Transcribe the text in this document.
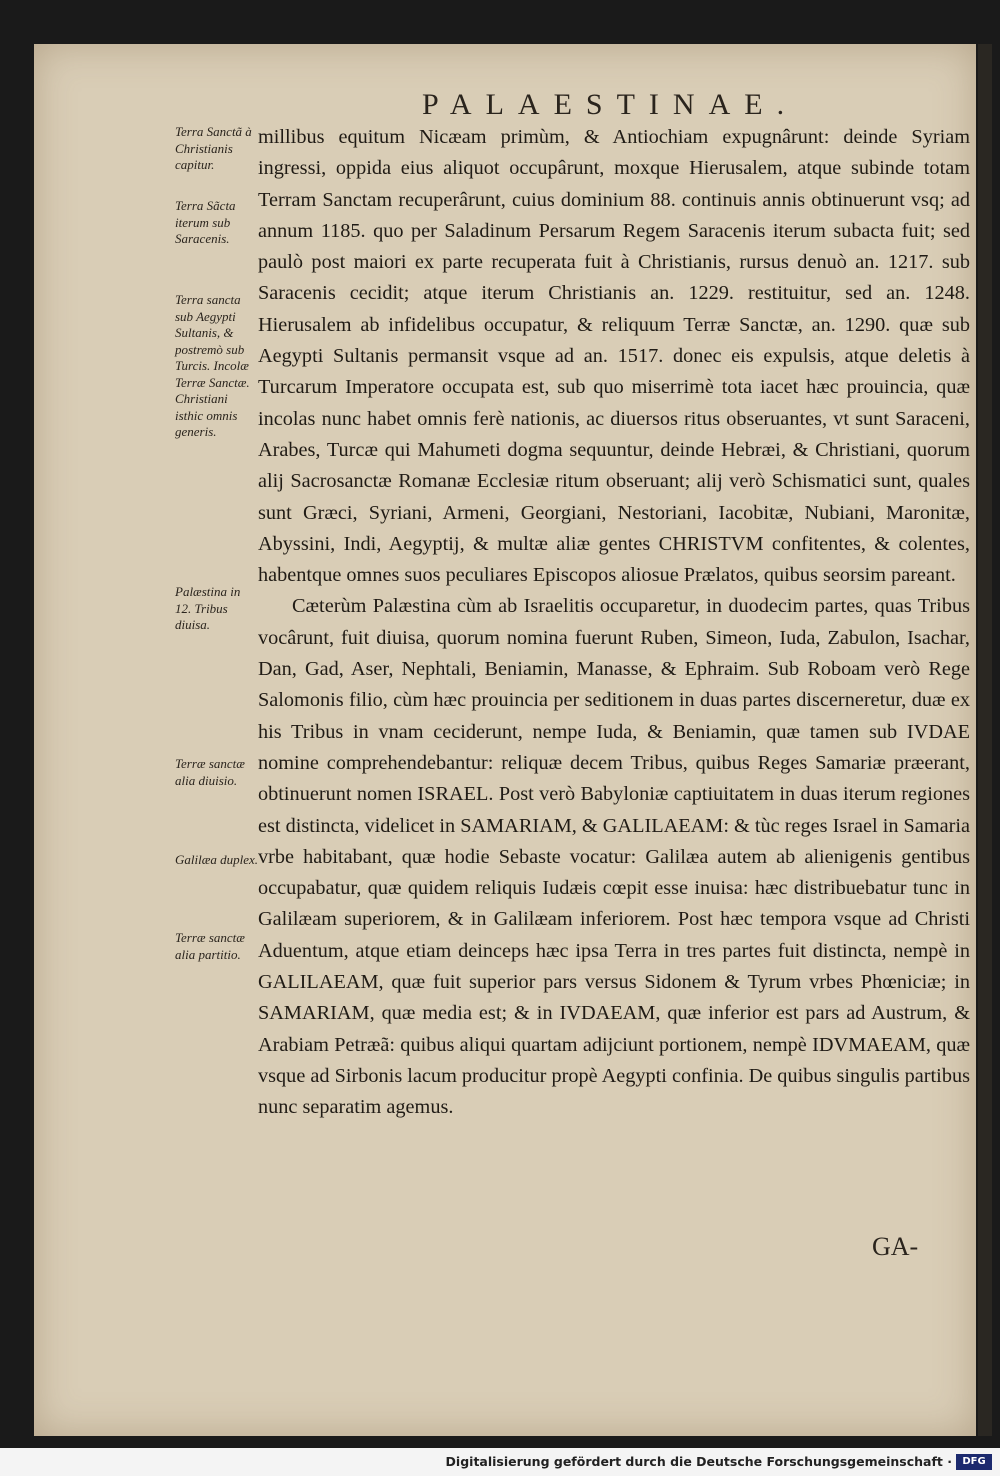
PALAESTINAE.
Terra Sanctã à Christianis capitur.
Terra Sãcta iterum sub Saracenis.
Terra sancta sub Aegypti Sultanis, & postremò sub Turcis. Incolæ Terræ Sanctæ. Christiani isthic omnis generis.
Palæstina in 12. Tribus diuisa.
Terræ sanctæ alia diuisio.
Galilæa duplex.
Terræ sanctæ alia partitio.

millibus equitum Nicæam primùm, & Antiochiam expugnârunt: deinde Syriam ingressi, oppida eius aliquot occupârunt, moxque Hierusalem, atque subinde totam Terram Sanctam recuperârunt, cuius dominium 88. continuis annis obtinuerunt vsq; ad annum 1185. quo per Saladinum Persarum Regem Saracenis iterum subacta fuit; sed paulò post maiori ex parte recuperata fuit à Christianis, rursus denuò an. 1217. sub Saracenis cecidit; atque iterum Christianis an. 1229. restituitur, sed an. 1248. Hierusalem ab infidelibus occupatur, & reliquum Terræ Sanctæ, an. 1290. quæ sub Aegypti Sultanis permansit vsque ad an. 1517. donec eis expulsis, atque deletis à Turcarum Imperatore occupata est, sub quo miserrimè tota iacet hæc prouincia, quæ incolas nunc habet omnis ferè nationis, ac diuersos ritus obseruantes, vt sunt Saraceni, Arabes, Turcæ qui Mahumeti dogma sequuntur, deinde Hebræi, & Christiani, quorum alij Sacrosanctæ Romanæ Ecclesiæ ritum obseruant; alij verò Schismatici sunt, quales sunt Græci, Syriani, Armeni, Georgiani, Nestoriani, Iacobitæ, Nubiani, Maronitæ, Abyssini, Indi, Aegyptij, & multæ aliæ gentes CHRISTVM confitentes, & colentes, habentque omnes suos peculiares Episcopos aliosue Prælatos, quibus seorsim pareant.

Cæterùm Palæstina cùm ab Israelitis occuparetur, in duodecim partes, quas Tribus vocârunt, fuit diuisa, quorum nomina fuerunt Ruben, Simeon, Iuda, Zabulon, Isachar, Dan, Gad, Aser, Nephtali, Beniamin, Manasse, & Ephraim. Sub Roboam verò Rege Salomonis filio, cùm hæc prouincia per seditionem in duas partes discerneretur, duæ ex his Tribus in vnam ceciderunt, nempe Iuda, & Beniamin, quæ tamen sub IVDAE nomine comprehendebantur: reliquæ decem Tribus, quibus Reges Samariæ præerant, obtinuerunt nomen ISRAEL. Post verò Babyloniæ captiuitatem in duas iterum regiones est distincta, videlicet in SAMARIAM, & GALILAEAM: & tùc reges Israel in Samaria vrbe habitabant, quæ hodie Sebaste vocatur: Galilæa autem ab alienigenis gentibus occupabatur, quæ quidem reliquis Iudæis cœpit esse inuisa: hæc distribuebatur tunc in Galilæam superiorem, & in Galilæam inferiorem. Post hæc tempora vsque ad Christi Aduentum, atque etiam deinceps hæc ipsa Terra in tres partes fuit distincta, nempè in GALILAEAM, quæ fuit superior pars versus Sidonem & Tyrum vrbes Phœniciæ; in SAMARIAM, quæ media est; & in IVDAEAM, quæ inferior est pars ad Austrum, & Arabiam Petræã: quibus aliqui quartam adijciunt portionem, nempè IDVMAEAM, quæ vsque ad Sirbonis lacum producitur propè Aegypti confinia. De quibus singulis partibus nunc separatim agemus.

GA-
Digitalisierung gefördert durch die Deutsche Forschungsgemeinschaft ·	DFG
